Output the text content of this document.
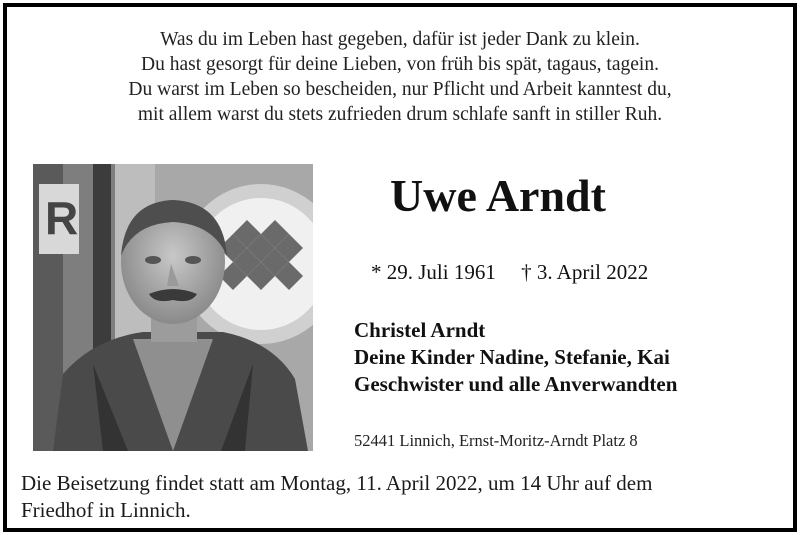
Was du im Leben hast gegeben, dafür ist jeder Dank zu klein.
Du hast gesorgt für deine Lieben, von früh bis spät, tagaus, tagein.
Du warst im Leben so bescheiden, nur Pflicht und Arbeit kanntest du,
mit allem warst du stets zufrieden drum schlafe sanft in stiller Ruh.
R	Uwe Arndt
* 29. Juli 1961 † 3. April 2022
Christel Arndt
Deine Kinder Nadine, Stefanie, Kai
Geschwister und alle Anverwandten
52441 Linnich, Ernst-Moritz-Arndt Platz 8
Die Beisetzung findet statt am Montag, 11. April 2022, um 14 Uhr auf dem
Friedhof in Linnich.
